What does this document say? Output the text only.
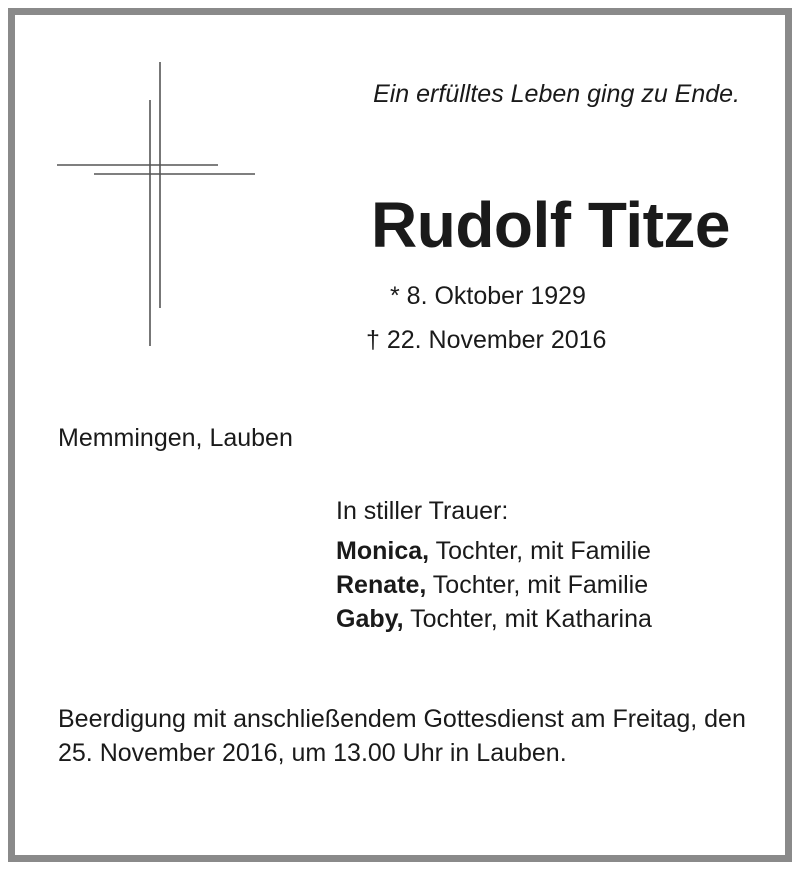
Ein erfülltes Leben ging zu Ende.
Rudolf Titze
* 8. Oktober 1929
† 22. November 2016
Memmingen, Lauben
In stiller Trauer:
Monica, Tochter, mit Familie
Renate, Tochter, mit Familie
Gaby, Tochter, mit Katharina
Beerdigung mit anschließendem Gottesdienst am Freitag, den 25. November 2016, um 13.00 Uhr in Lauben.
